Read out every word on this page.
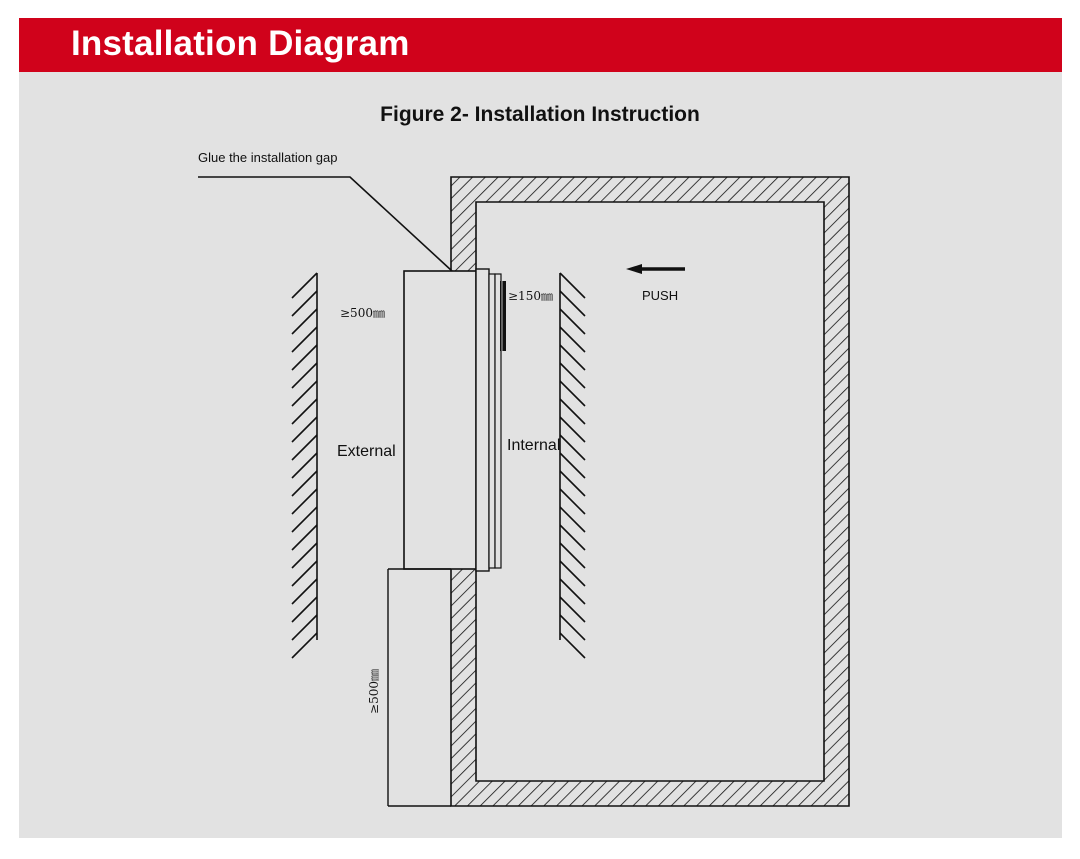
Installation Diagram
Figure 2- Installation Instruction
Glue the installation gap
≥500㎜
≥150㎜
External	Internal
PUSH
≥500㎜
